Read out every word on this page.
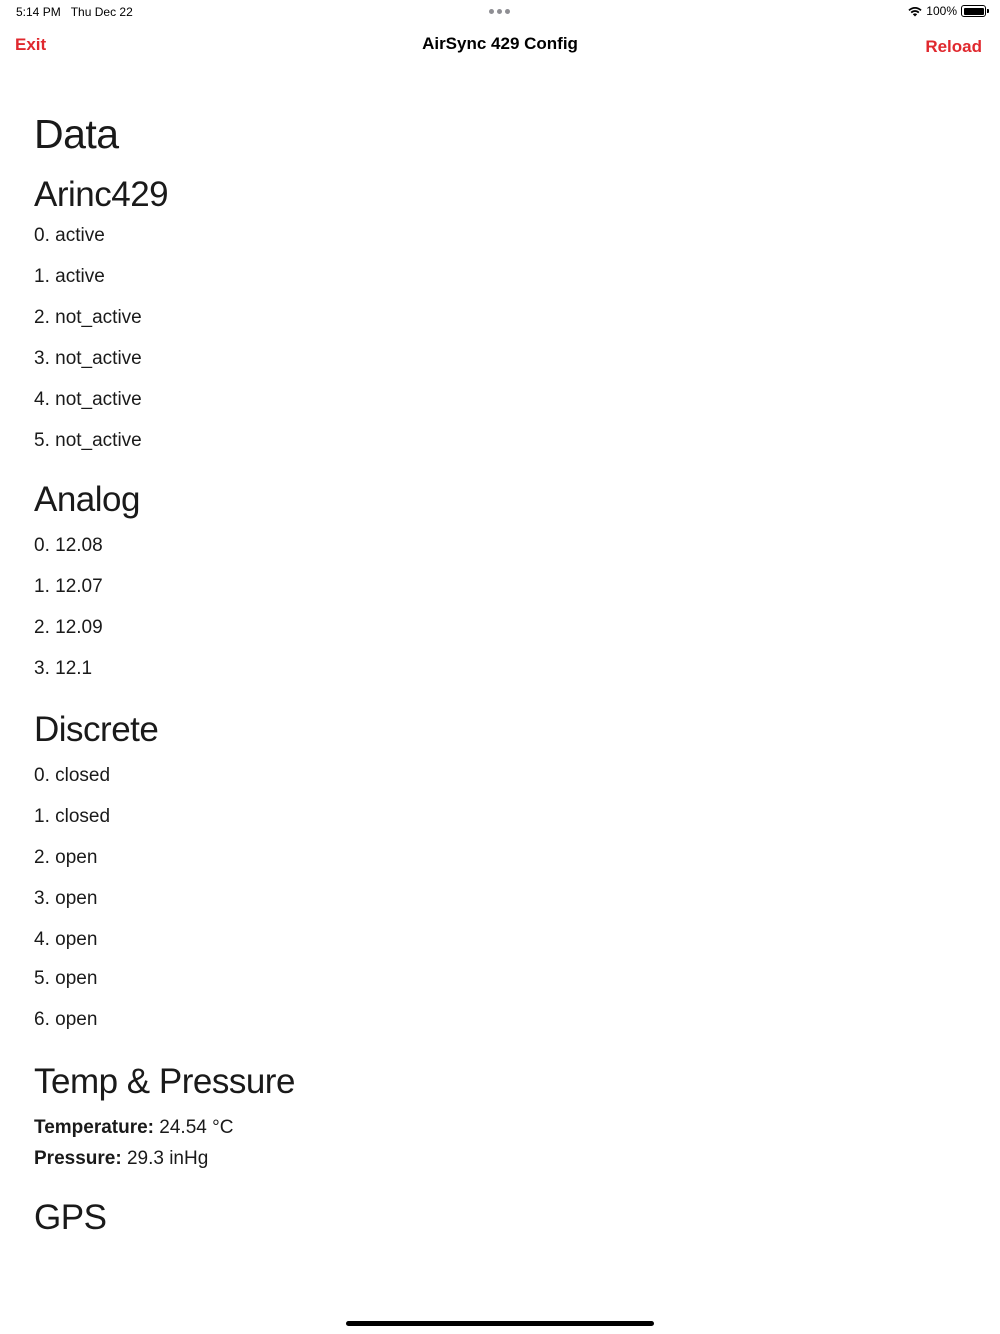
5:14 PM Thu Dec 22	100%
Exit	AirSync 429 Config	Reload
Data
Arinc429
0. active
1. active
2. not_active
3. not_active
4. not_active
5. not_active
Analog
0. 12.08
1. 12.07
2. 12.09
3. 12.1
Discrete
0. closed
1. closed
2. open
3. open
4. open
5. open
6. open
Temp & Pressure
Temperature: 24.54 °C
Pressure: 29.3 inHg
GPS
